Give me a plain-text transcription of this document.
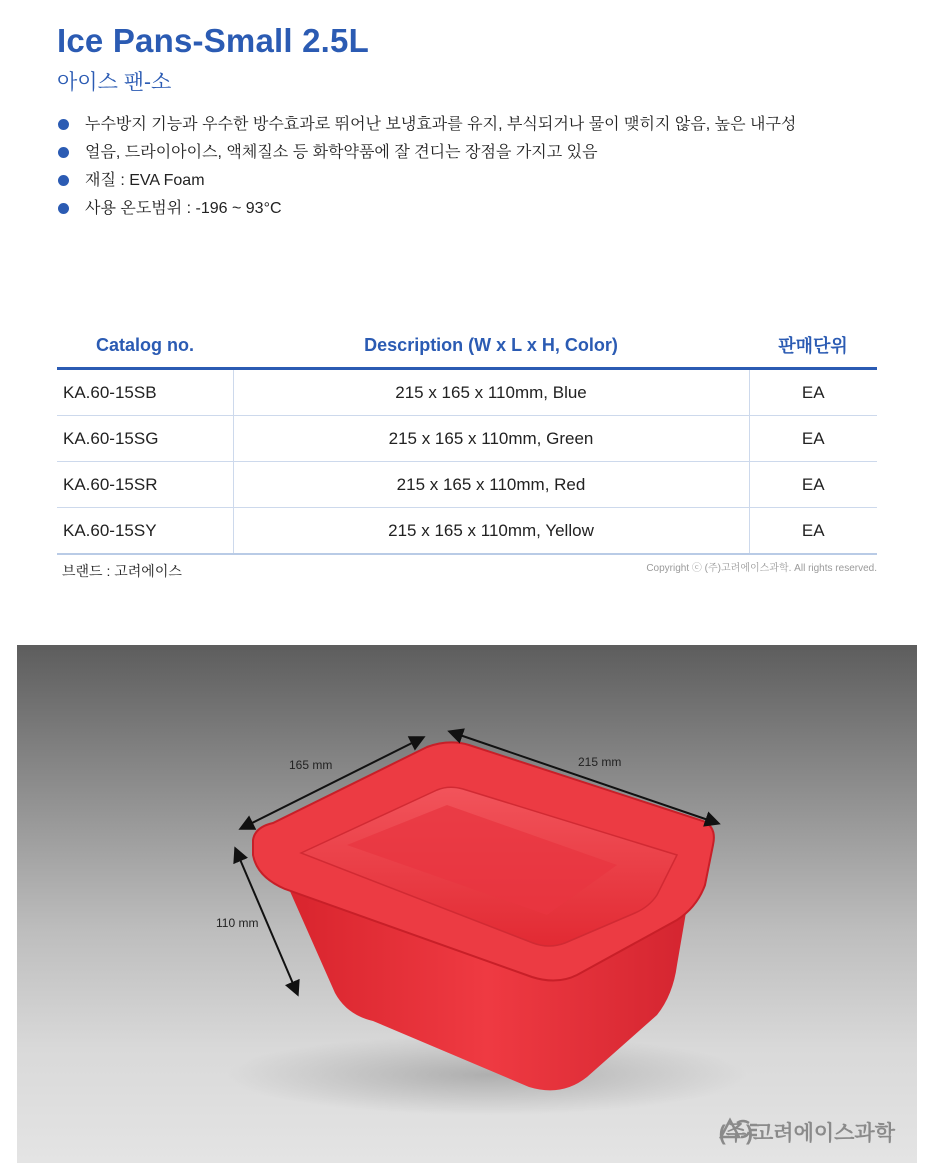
Ice Pans-Small 2.5L
아이스 팬-소
누수방지 기능과 우수한 방수효과로 뛰어난 보냉효과를 유지, 부식되거나 물이 맺히지 않음, 높은 내구성
얼음, 드라이아이스, 액체질소 등 화학약품에 잘 견디는 장점을 가지고 있음
재질 : EVA Foam
사용 온도범위 : -196 ~ 93°C
Catalog no.	Description (W x L x H, Color)	판매단위
KA.60-15SB	215 x 165 x 110mm, Blue	EA
KA.60-15SG	215 x 165 x 110mm, Green	EA
KA.60-15SR	215 x 165 x 110mm, Red	EA
KA.60-15SY	215 x 165 x 110mm, Yellow	EA
브랜드 : 고려에이스	Copyright ⓒ (주)고려에이스과학. All rights reserved.
165 mm	215 mm
110 mm
(주)고려에이스과학
